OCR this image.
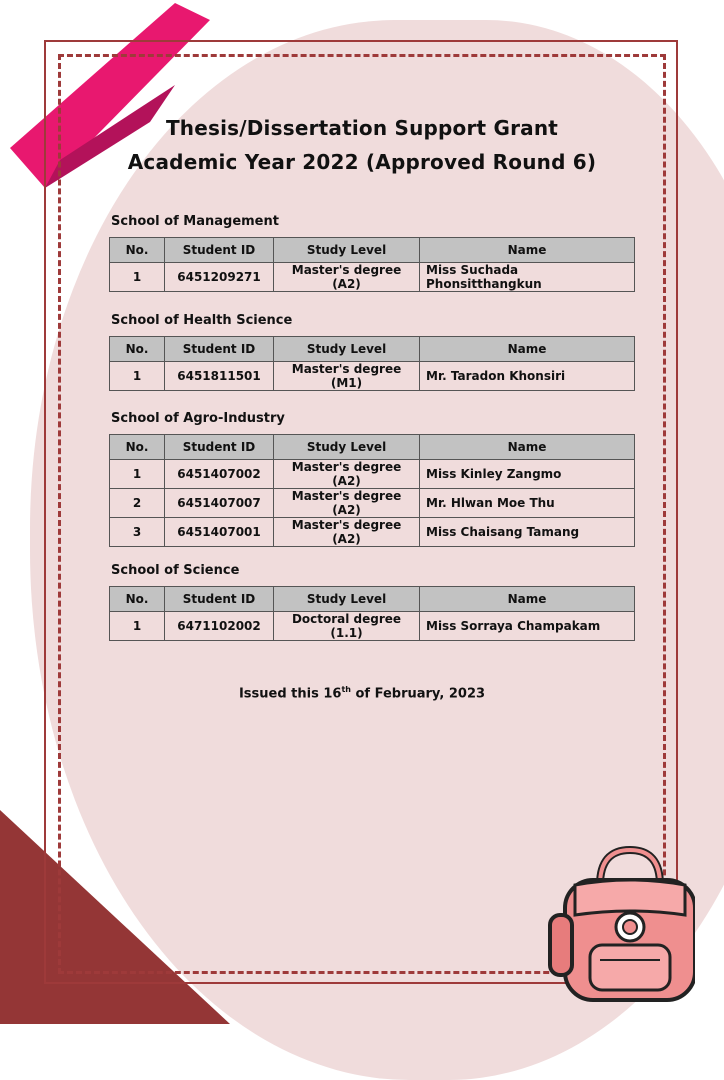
Thesis/Dissertation Support Grant
Academic Year 2022 (Approved Round 6)
School of Management
No.	Student ID	Study Level	Name
1	6451209271	Master's degree (A2)	Miss Suchada Phonsitthangkun
School of Health Science
No.	Student ID	Study Level	Name
1	6451811501	Master's degree (M1)	Mr. Taradon Khonsiri
School of Agro-Industry
No.	Student ID	Study Level	Name
1	6451407002	Master's degree (A2)	Miss Kinley Zangmo
2	6451407007	Master's degree (A2)	Mr. Hlwan Moe Thu
3	6451407001	Master's degree (A2)	Miss Chaisang Tamang
School of Science
No.	Student ID	Study Level	Name
1	6471102002	Doctoral degree (1.1)	Miss Sorraya Champakam
Issued this 16th of February, 2023
